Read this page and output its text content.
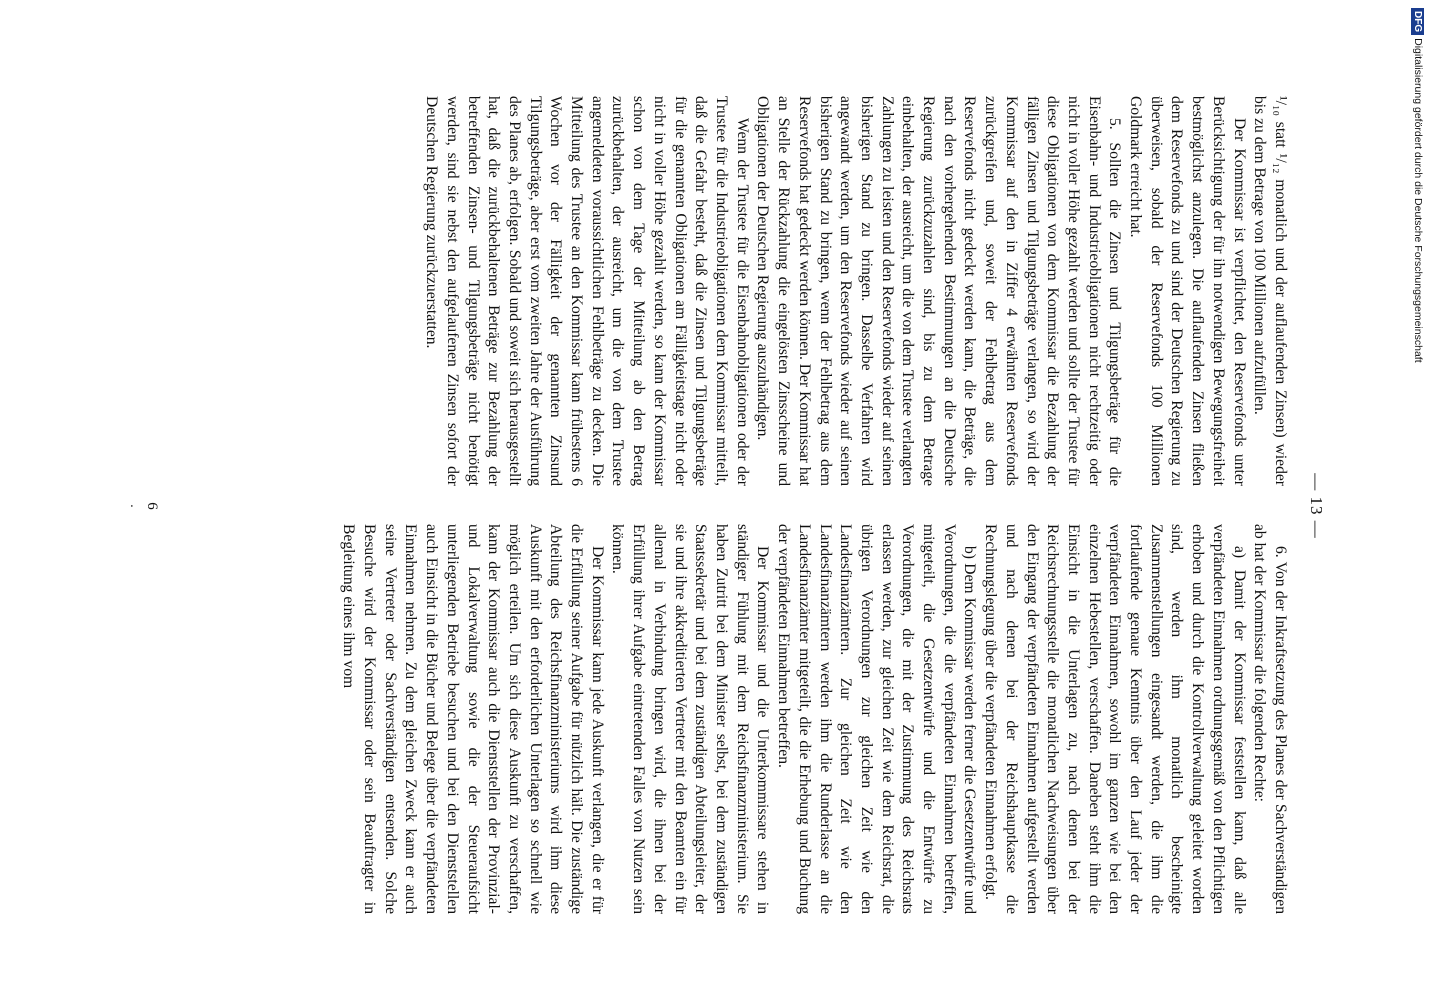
— 13 —

¹/₁₀ statt ¹/₁₂ monatlich und der auflaufenden Zinsen) wieder bis zu dem Betrage von 100 Millionen aufzufüllen.

Der Kommissar ist verpflichtet, den Reservefonds unter Berücksichtigung der für ihn notwendigen Bewegungsfreiheit bestmöglichst anzulegen. Die auflaufenden Zinsen fließen dem Reservefonds zu und sind der Deutschen Regierung zu überweisen, sobald der Reservefonds 100 Millionen Goldmark erreicht hat.

5. Sollten die Zinsen und Tilgungsbeträge für die Eisenbahn- und Industrieobligationen nicht rechtzeitig oder nicht in voller Höhe gezahlt werden und sollte der Trustee für diese Obligationen von dem Kommissar die Bezahlung der fälligen Zinsen und Tilgungsbeträge verlangen, so wird der Kommissar auf den in Ziffer 4 erwähnten Reservefonds zurückgreifen und, soweit der Fehlbetrag aus dem Reservefonds nicht gedeckt werden kann, die Beträge, die nach den vorhergehenden Bestimmungen an die Deutsche Regierung zurückzuzahlen sind, bis zu dem Betrage einbehalten, der ausreicht, um die von dem Trustee verlangten Zahlungen zu leisten und den Reservefonds wieder auf seinen bisherigen Stand zu bringen. Dasselbe Verfahren wird angewandt werden, um den Reservefonds wieder auf seinen bisherigen Stand zu bringen, wenn der Fehlbetrag aus dem Reservefonds hat gedeckt werden können. Der Kommissar hat an Stelle der Rückzahlung die eingelösten Zinsscheine und Obligationen der Deutschen Regierung auszuhändigen.

Wenn der Trustee für die Eisenbahnobligationen oder der Trustee für die Industrieobligationen dem Kommissar mitteilt, daß die Gefahr besteht, daß die Zinsen und Tilgungsbeträge für die genannten Obligationen am Fälligkeitstage nicht oder nicht in voller Höhe gezahlt werden, so kann der Kommissar schon von dem Tage der Mitteilung ab den Betrag zurückbehalten, der ausreicht, um die von dem Trustee angemeldeten voraussichtlichen Fehlbeträge zu decken. Die Mitteilung des Trustee an den Kommissar kann frühestens 6 Wochen vor der Fälligkeit der genannten Zinsund Tilgungsbeträge, aber erst vom zweiten Jahre der Ausführung des Planes ab, erfolgen. Sobald und soweit sich herausgestellt hat, daß die zurückbehaltenen Beträge zur Bezahlung der betreffenden Zinsen- und Tilgungsbeträge nicht benötigt werden, sind sie nebst den aufgelaufenen Zinsen sofort der Deutschen Regierung zurückzuerstatten.

6. Von der Inkraftsetzung des Planes der Sachverständigen ab hat der Kommissar die folgenden Rechte:

a) Damit der Kommissar feststellen kann, daß alle verpfändeten Einnahmen ordnungsgemäß von den Pflichtigen erhoben und durch die Kontrollverwaltung geleitet worden sind, werden ihm monatlich bescheinigte Zusammenstellungen eingesandt werden, die ihm die fortlaufende genaue Kenntnis über den Lauf jeder der verpfändeten Einnahmen, sowohl im ganzen wie bei den einzelnen Hebestellen, verschaffen. Daneben steht ihm die Einsicht in die Unterlagen zu, nach denen bei der Reichsrechnungsstelle die monatlichen Nachweisungen über den Eingang der verpfändeten Einnahmen aufgestellt werden und nach denen bei der Reichshauptkasse die Rechnungslegung über die verpfändeten Einnahmen erfolgt.

b) Dem Kommissar werden ferner die Gesetzentwürfe und Verordnungen, die die verpfändeten Einnahmen betreffen, mitgeteilt, die Gesetzentwürfe und die Entwürfe zu Verordnungen, die mit der Zustimmung des Reichsrats erlassen werden, zur gleichen Zeit wie dem Reichsrat, die übrigen Verordnungen zur gleichen Zeit wie den Landesfinanzämtern. Zur gleichen Zeit wie den Landesfinanzämtern werden ihm die Runderlasse an die Landesfinanzämter mitgeteilt, die die Erhebung und Buchung der verpfändeten Einnahmen betreffen.

Der Kommissar und die Unterkommissare stehen in ständiger Fühlung mit dem Reichsfinanzministerium. Sie haben Zutritt bei dem Minister selbst, bei dem zuständigen Staatssekretär und bei dem zuständigen Abteilungsleiter, der sie und ihre akkreditierten Vertreter mit den Beamten ein für allemal in Verbindung bringen wird, die ihnen bei der Erfüllung ihrer Aufgabe eintretenden Falles von Nutzen sein können.

Der Kommissar kann jede Auskunft verlangen, die er für die Erfüllung seiner Aufgabe für nützlich hält. Die zuständige Abteilung des Reichsfinanzministeriums wird ihm diese Auskunft mit den erforderlichen Unterlagen so schnell wie möglich erteilen. Um sich diese Auskunft zu verschaffen, kann der Kommissar auch die Dienststellen der Provinzial- und Lokalverwaltung sowie die der Steueraufsicht unterliegenden Betriebe besuchen und bei den Dienststellen auch Einsicht in die Bücher und Belege über die verpfändeten Einnahmen nehmen. Zu dem gleichen Zweck kann er auch seine Vertreter oder Sachverständigen entsenden. Solche Besuche wird der Kommissar oder sein Beauftragter in Begleitung eines ihm vom

6
·
DFGDigitalisierung gefördert durch die Deutsche Forschungsgemeinschaft
